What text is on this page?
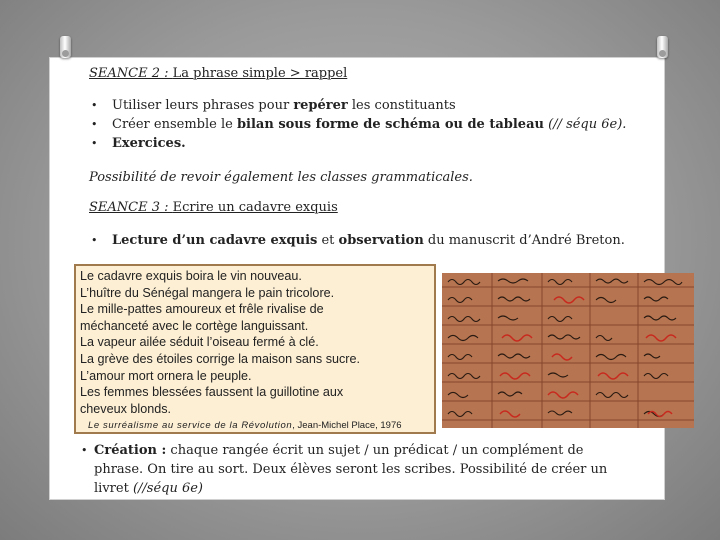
SEANCE 2 : La phrase simple > rappel
• Utiliser leurs phrases pour repérer les constituants
• Créer ensemble le bilan sous forme de schéma ou de tableau (// séqu 6e).
• Exercices.
Possibilité de revoir également les classes grammaticales.
SEANCE 3 : Ecrire un cadavre exquis
• Lecture d’un cadavre exquis et observation du manuscrit d’André Breton.
Le cadavre exquis boira le vin nouveau.
L’huître du Sénégal mangera le pain tricolore.
Le mille-pattes amoureux et frêle rivalise de
méchanceté avec le cortège languissant.
La vapeur ailée séduit l’oiseau fermé à clé.
La grève des étoiles corrige la maison sans sucre.
L’amour mort ornera le peuple.
Les femmes blessées faussent la guillotine aux
cheveux blonds.
Le surréalisme au service de la Révolution, Jean-Michel Place, 1976
• Création : chaque rangée écrit un sujet / un prédicat / un complément de
phrase. On tire au sort. Deux élèves seront les scribes. Possibilité de créer un
livret (//séqu 6e)
